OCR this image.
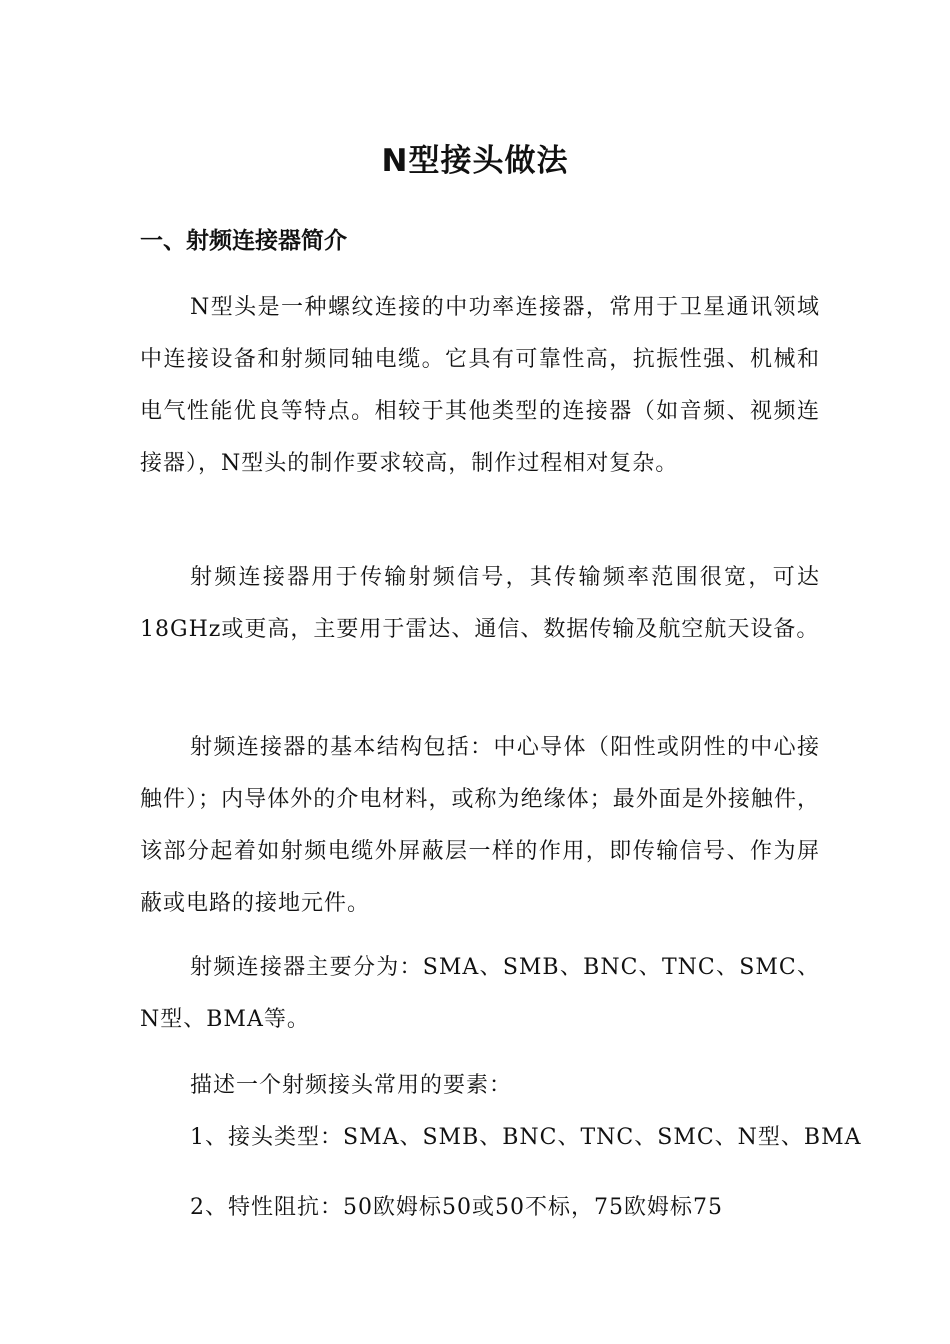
N型接头做法
一、射频连接器简介

N型头是一种螺纹连接的中功率连接器，常用于卫星通讯领域中连接设备和射频同轴电缆。它具有可靠性高，抗振性强、机械和电气性能优良等特点。相较于其他类型的连接器（如音频、视频连接器），N型头的制作要求较高，制作过程相对复杂。

射频连接器用于传输射频信号，其传输频率范围很宽，可达18GHz或更高，主要用于雷达、通信、数据传输及航空航天设备。

射频连接器的基本结构包括：中心导体（阳性或阴性的中心接触件）；内导体外的介电材料，或称为绝缘体；最外面是外接触件，该部分起着如射频电缆外屏蔽层一样的作用，即传输信号、作为屏蔽或电路的接地元件。

射频连接器主要分为：SMA、SMB、BNC、TNC、SMC、N型、BMA等。

描述一个射频接头常用的要素：

1、接头类型：SMA、SMB、BNC、TNC、SMC、N型、BMA

2、特性阻抗：50欧姆标50或50不标，75欧姆标75
